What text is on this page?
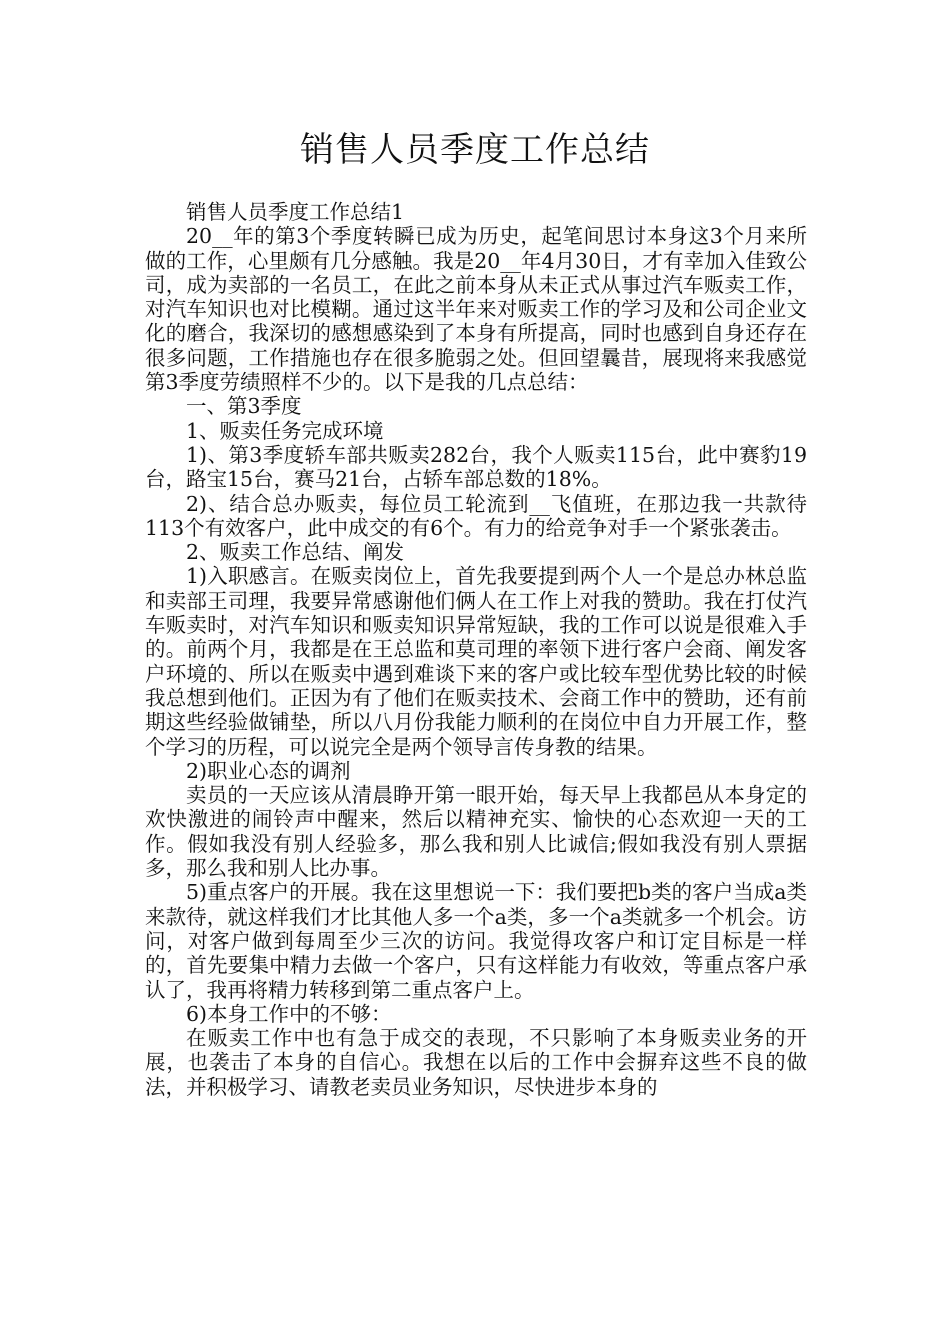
销售人员季度工作总结

销售人员季度工作总结1

20__年的第3个季度转瞬已成为历史，起笔间思讨本身这3个月来所做的工作，心里颇有几分感触。我是20__年4月30日，才有幸加入佳致公司，成为卖部的一名员工，在此之前本身从未正式从事过汽车贩卖工作，对汽车知识也对比模糊。通过这半年来对贩卖工作的学习及和公司企业文化的磨合，我深切的感想感染到了本身有所提高，同时也感到自身还存在很多问题，工作措施也存在很多脆弱之处。但回望曩昔，展现将来我感觉第3季度劳绩照样不少的。以下是我的几点总结：

一、第3季度

1、贩卖任务完成环境

1)、第3季度轿车部共贩卖282台，我个人贩卖115台，此中赛豹19台，路宝15台，赛马21台，占轿车部总数的18%。

2)、结合总办贩卖，每位员工轮流到__飞值班，在那边我一共款待113个有效客户，此中成交的有6个。有力的给竞争对手一个紧张袭击。

2、贩卖工作总结、阐发

1)入职感言。在贩卖岗位上，首先我要提到两个人一个是总办林总监和卖部王司理，我要异常感谢他们俩人在工作上对我的赞助。我在打仗汽车贩卖时，对汽车知识和贩卖知识异常短缺，我的工作可以说是很难入手的。前两个月，我都是在王总监和莫司理的率领下进行客户会商、阐发客户环境的、所以在贩卖中遇到难谈下来的客户或比较车型优势比较的时候我总想到他们。正因为有了他们在贩卖技术、会商工作中的赞助，还有前期这些经验做铺垫，所以八月份我能力顺利的在岗位中自力开展工作，整个学习的历程，可以说完全是两个领导言传身教的结果。

2)职业心态的调剂

卖员的一天应该从清晨睁开第一眼开始，每天早上我都邑从本身定的欢快激进的闹铃声中醒来，然后以精神充实、愉快的心态欢迎一天的工作。假如我没有别人经验多，那么我和别人比诚信;假如我没有别人票据多，那么我和别人比办事。

5)重点客户的开展。我在这里想说一下：我们要把b类的客户当成a类来款待，就这样我们才比其他人多一个a类，多一个a类就多一个机会。访问，对客户做到每周至少三次的访问。我觉得攻客户和订定目标是一样的，首先要集中精力去做一个客户，只有这样能力有收效，等重点客户承认了，我再将精力转移到第二重点客户上。

6)本身工作中的不够：

在贩卖工作中也有急于成交的表现，不只影响了本身贩卖业务的开展，也袭击了本身的自信心。我想在以后的工作中会摒弃这些不良的做法，并积极学习、请教老卖员业务知识，尽快进步本身的
